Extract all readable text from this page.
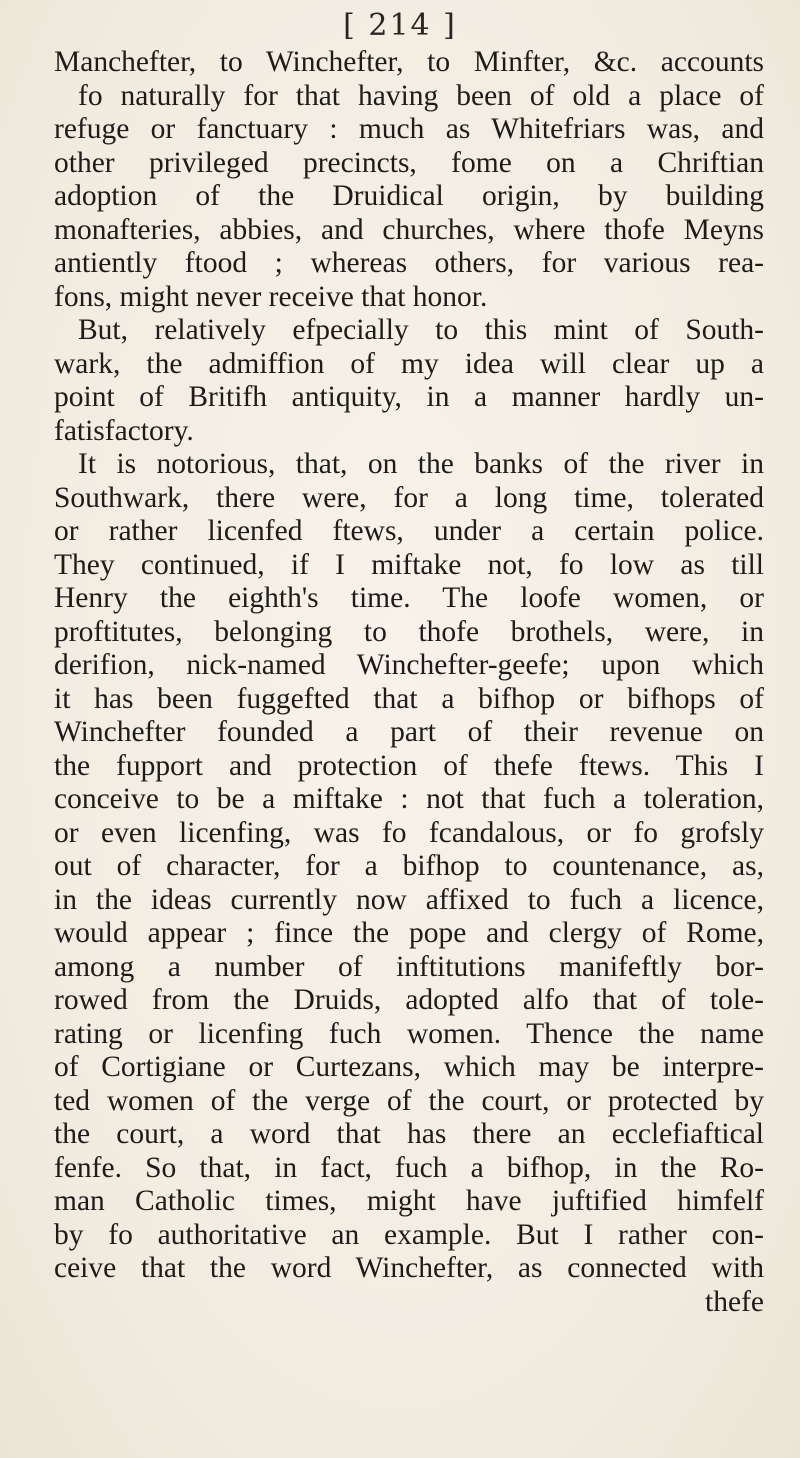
[ 214 ]
Manchefter, to Winchefter, to Minfter, &c. accounts
fo naturally for that having been of old a place of
refuge or fanctuary : much as Whitefriars was, and
other privileged precincts, fome on a Chriftian
adoption of the Druidical origin, by building
monafteries, abbies, and churches, where thofe Meyns
antiently ftood ; whereas others, for various rea-
fons, might never receive that honor.
But, relatively efpecially to this mint of South-
wark, the admiffion of my idea will clear up a
point of Britifh antiquity, in a manner hardly un-
fatisfactory.
It is notorious, that, on the banks of the river in
Southwark, there were, for a long time, tolerated
or rather licenfed ftews, under a certain police.
They continued, if I miftake not, fo low as till
Henry the eighth's time. The loofe women, or
proftitutes, belonging to thofe brothels, were, in
derifion, nick-named Winchefter-geefe; upon which
it has been fuggefted that a bifhop or bifhops of
Winchefter founded a part of their revenue on
the fupport and protection of thefe ftews. This I
conceive to be a miftake : not that fuch a toleration,
or even licenfing, was fo fcandalous, or fo grofsly
out of character, for a bifhop to countenance, as,
in the ideas currently now affixed to fuch a licence,
would appear ; fince the pope and clergy of Rome,
among a number of inftitutions manifeftly bor-
rowed from the Druids, adopted alfo that of tole-
rating or licenfing fuch women. Thence the name
of Cortigiane or Curtezans, which may be interpre-
ted women of the verge of the court, or protected by
the court, a word that has there an ecclefiaftical
fenfe. So that, in fact, fuch a bifhop, in the Ro-
man Catholic times, might have juftified himfelf
by fo authoritative an example. But I rather con-
ceive that the word Winchefter, as connected with
thefe
